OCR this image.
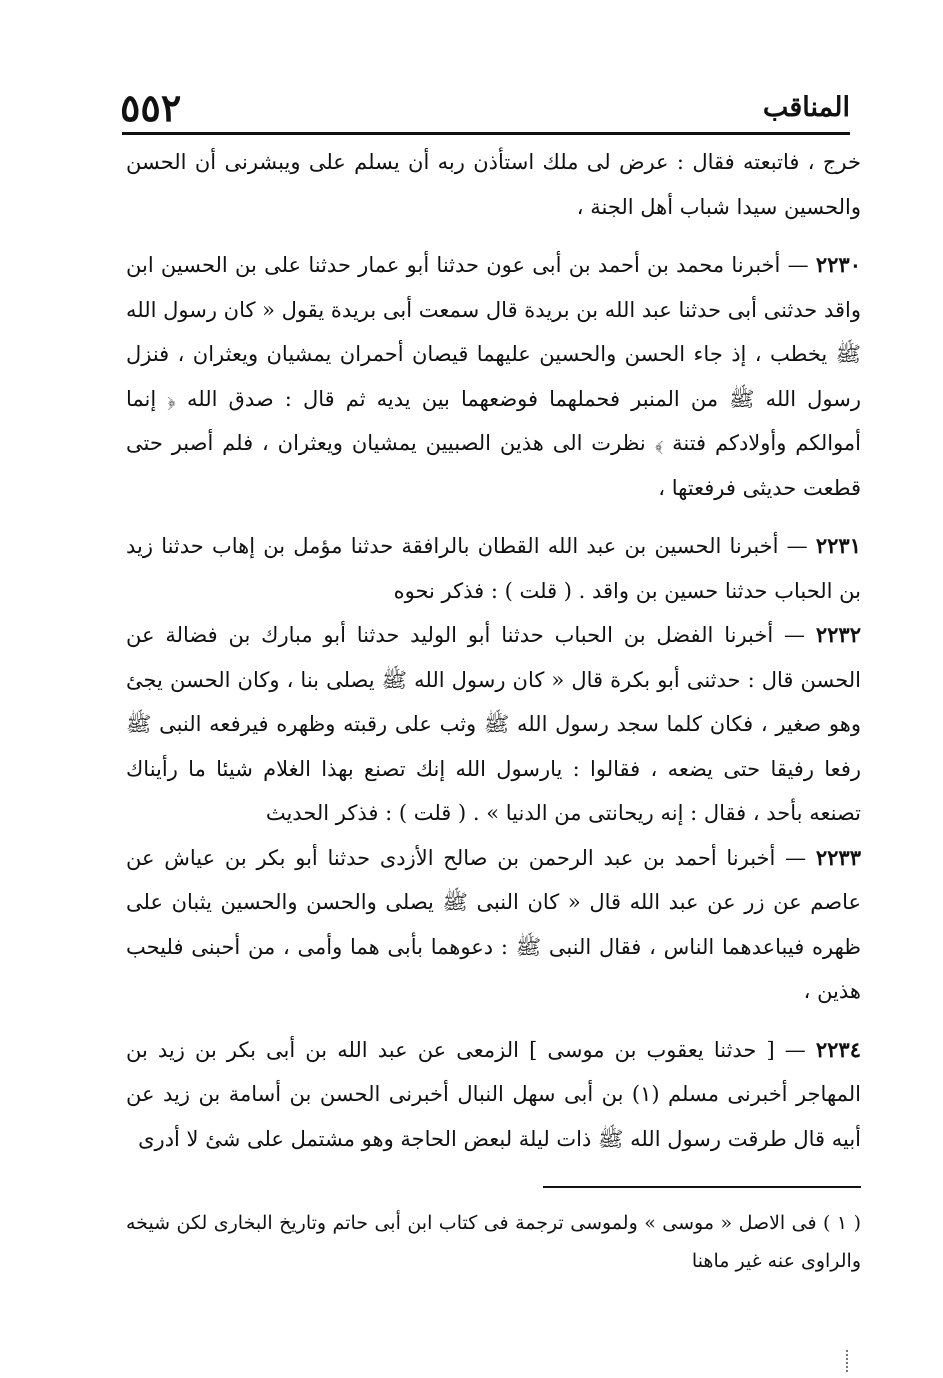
٥٥٢	المناقب

خرج ، فاتبعته فقال : عرض لى ملك استأذن ربه أن يسلم على ويبشرنى أن الحسن والحسين سيدا شباب أهل الجنة ،

٢٢٣٠ — أخبرنا محمد بن أحمد بن أبى عون حدثنا أبو عمار حدثنا على بن الحسين ابن واقد حدثنى أبى حدثنا عبد الله بن بريدة قال سمعت أبى بريدة يقول « كان رسول الله ﷺ يخطب ، إذ جاء الحسن والحسين عليهما قيصان أحمران يمشيان ويعثران ، فنزل رسول الله ﷺ من المنبر فحملهما فوضعهما بين يديه ثم قال : صدق الله ﴿ إنما أموالكم وأولادكم فتنة ﴾ نظرت الى هذين الصبيين يمشيان ويعثران ، فلم أصبر حتى قطعت حديثى فرفعتها ،

٢٢٣١ — أخبرنا الحسين بن عبد الله القطان بالرافقة حدثنا مؤمل بن إهاب حدثنا زيد بن الحباب حدثنا حسين بن واقد . ( قلت ) : فذكر نحوه

٢٢٣٢ — أخبرنا الفضل بن الحباب حدثنا أبو الوليد حدثنا أبو مبارك بن فضالة عن الحسن قال : حدثنى أبو بكرة قال « كان رسول الله ﷺ يصلى بنا ، وكان الحسن يجئ وهو صغير ، فكان كلما سجد رسول الله ﷺ وثب على رقبته وظهره فيرفعه النبى ﷺ رفعا رفيقا حتى يضعه ، فقالوا : يارسول الله إنك تصنع بهذا الغلام شيئا ما رأيناك تصنعه بأحد ، فقال : إنه ريحانتى من الدنيا » . ( قلت ) : فذكر الحديث

٢٢٣٣ — أخبرنا أحمد بن عبد الرحمن بن صالح الأزدى حدثنا أبو بكر بن عياش عن عاصم عن زر عن عبد الله قال « كان النبى ﷺ يصلى والحسن والحسين يثبان على ظهره فيباعدهما الناس ، فقال النبى ﷺ : دعوهما بأبى هما وأمى ، من أحبنى فليحب هذين ،

٢٢٣٤ — [ حدثنا يعقوب بن موسى ] الزمعى عن عبد الله بن أبى بكر بن زيد بن المهاجر أخبرنى مسلم (١) بن أبى سهل النبال أخبرنى الحسن بن أسامة بن زيد عن أبيه قال طرقت رسول الله ﷺ ذات ليلة لبعض الحاجة وهو مشتمل على شئ لا أدرى

( ١ ) فى الاصل « موسى » ولموسى ترجمة فى كتاب ابن أبى حاتم وتاريخ البخارى لكن شيخه والراوى عنه غير ماهنا
